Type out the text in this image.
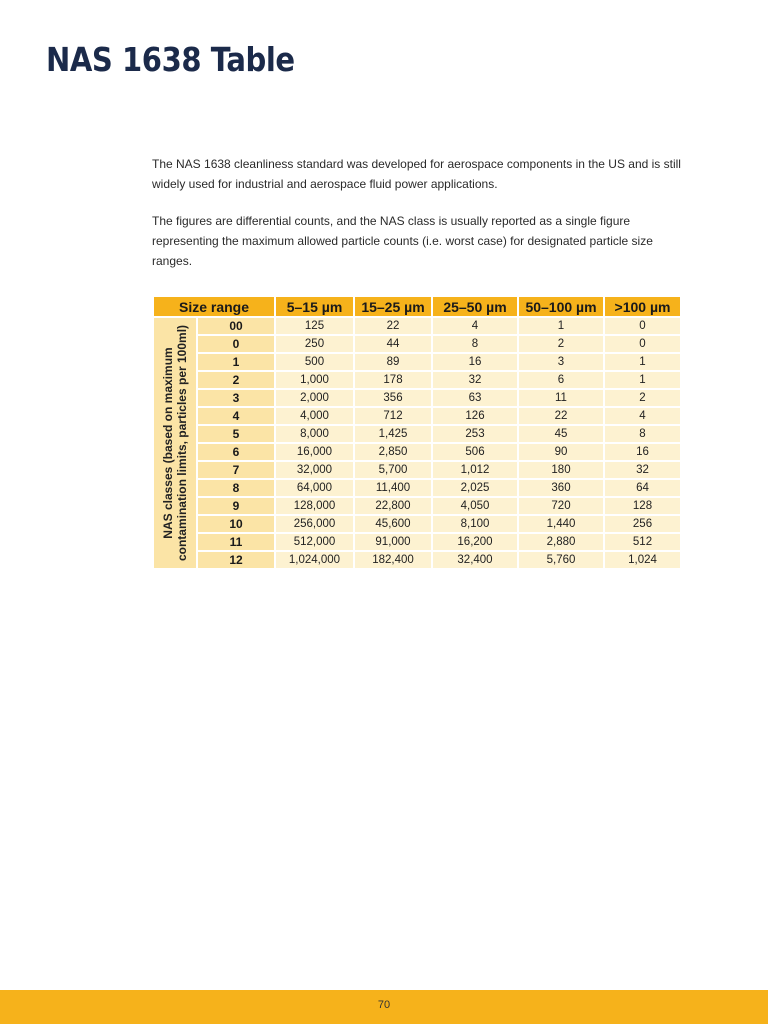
NAS 1638 Table

The NAS 1638 cleanliness standard was developed for aerospace components in the US and is still widely used for industrial and aerospace fluid power applications.

The figures are differential counts, and the NAS class is usually reported as a single figure representing the maximum allowed particle counts (i.e. worst case) for designated particle size ranges.

Size range		5–15 µm	15–25 µm	25–50 µm	50–100 µm	>100 µm

NAS classes (based on maximum contamination limits, particles per 100ml)	00	125	22	4	1	0
	0	250	44	8	2	0
	1	500	89	16	3	1
	2	1,000	178	32	6	1
	3	2,000	356	63	11	2
	4	4,000	712	126	22	4
	5	8,000	1,425	253	45	8
	6	16,000	2,850	506	90	16
	7	32,000	5,700	1,012	180	32
	8	64,000	11,400	2,025	360	64
	9	128,000	22,800	4,050	720	128
	10	256,000	45,600	8,100	1,440	256
	11	512,000	91,000	16,200	2,880	512
	12	1,024,000	182,400	32,400	5,760	1,024
70
